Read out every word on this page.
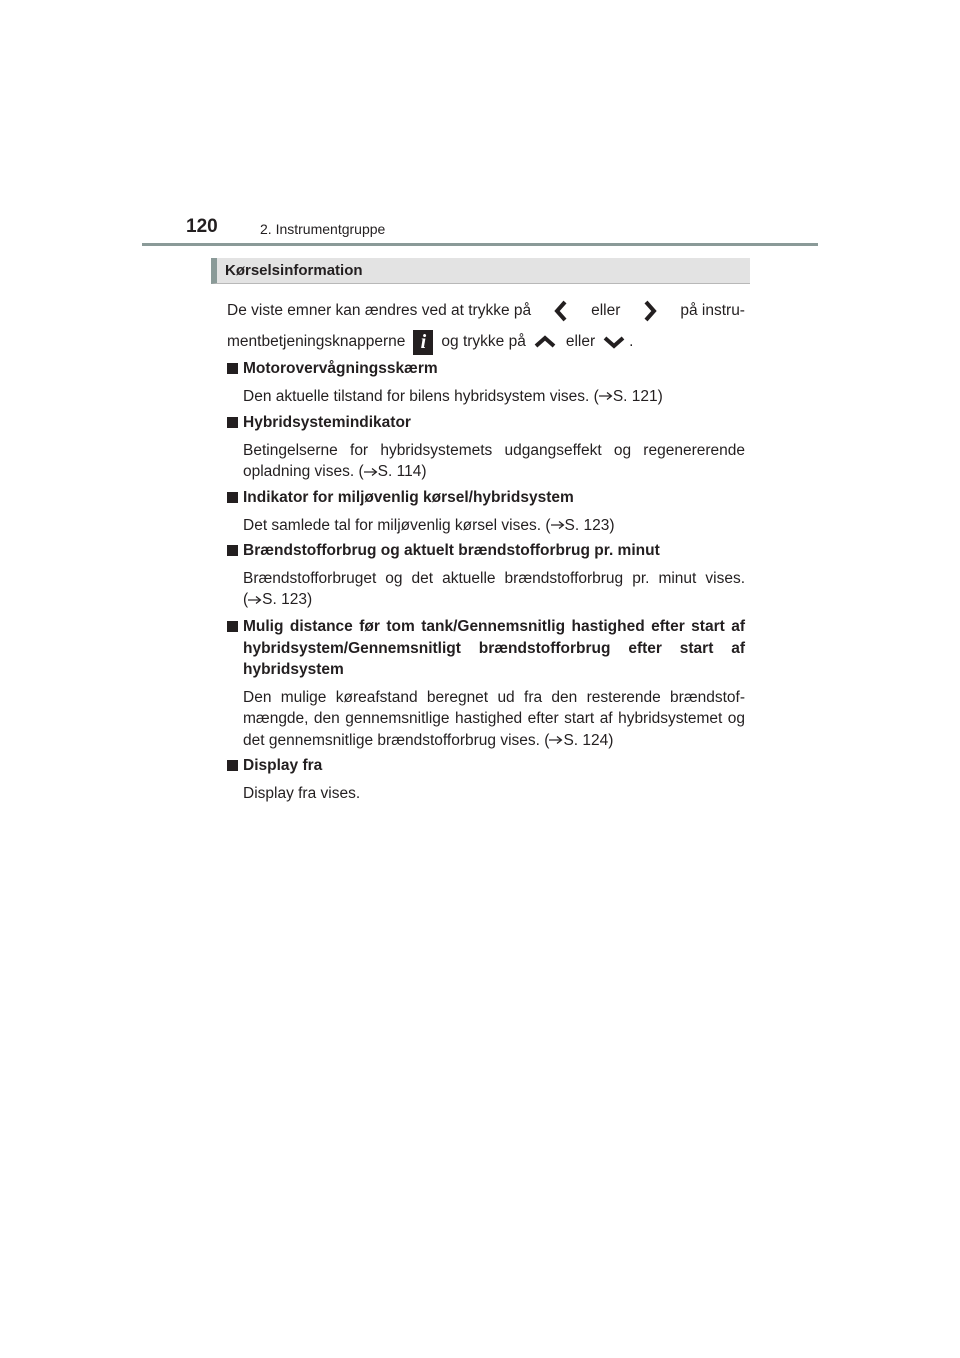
120	2. Instrumentgruppe
Kørselsinformation
De viste emner kan ændres ved at trykke på	eller	på instru-
mentbetjeningsknapperne i og trykke på	eller .
Motorovervågningsskærm
Den aktuelle tilstand for bilens hybridsystem vises. ( S. 121)
Hybridsystemindikator
Betingelserne for hybridsystemets udgangseffekt og regenererende opladning vises. ( S. 114)
Indikator for miljøvenlig kørsel/hybridsystem
Det samlede tal for miljøvenlig kørsel vises. ( S. 123)
Brændstofforbrug og aktuelt brændstofforbrug pr. minut
Brændstofforbruget og det aktuelle brændstofforbrug pr. minut vises. ( S. 123)
Mulig distance før tom tank/Gennemsnitlig hastighed efter start af hybridsystem/Gennemsnitligt brændstofforbrug efter start af hybridsystem
Den mulige køreafstand beregnet ud fra den resterende brændstof-mængde, den gennemsnitlige hastighed efter start af hybridsystemet og det gennemsnitlige brændstofforbrug vises. ( S. 124)
Display fra
Display fra vises.
